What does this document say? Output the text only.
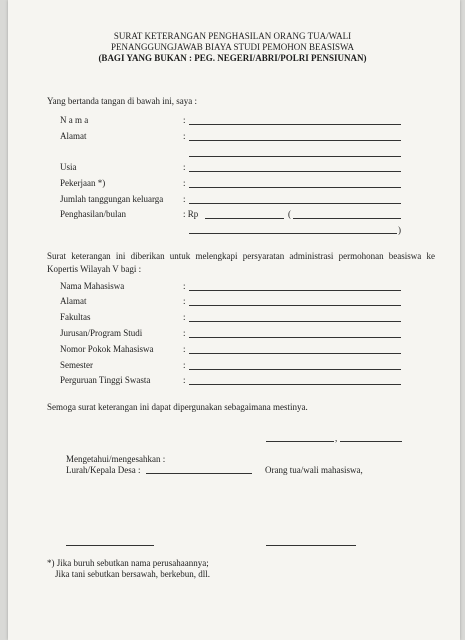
SURAT KETERANGAN PENGHASILAN ORANG TUA/WALI
PENANGGUNGJAWAB BIAYA STUDI PEMOHON BEASISWA
(BAGI YANG BUKAN : PEG. NEGERI/ABRI/POLRI PENSIUNAN)
Yang bertanda tangan di bawah ini, saya :
N a m a	:
Alamat	:
Usia	:
Pekerjaan *)	:
Jumlah tanggungan keluarga :
Penghasilan/bulan	: Rp	(
)
Surat keterangan ini diberikan untuk melengkapi persyaratan administrasi permohonan beasiswa ke Kopertis Wilayah V bagi :
Nama Mahasiswa	:
Alamat	:
Fakultas	:
Jurusan/Program Studi	:
Nomor Pokok Mahasiswa	:
Semester	:
Perguruan Tinggi Swasta	:
Semoga surat keterangan ini dapat dipergunakan sebagaimana mestinya.
,
Mengetahui/mengesahkan :
Lurah/Kepala Desa :	Orang tua/wali mahasiswa,
*) Jika buruh sebutkan nama perusahaannya;
Jika tani sebutkan bersawah, berkebun, dll.
